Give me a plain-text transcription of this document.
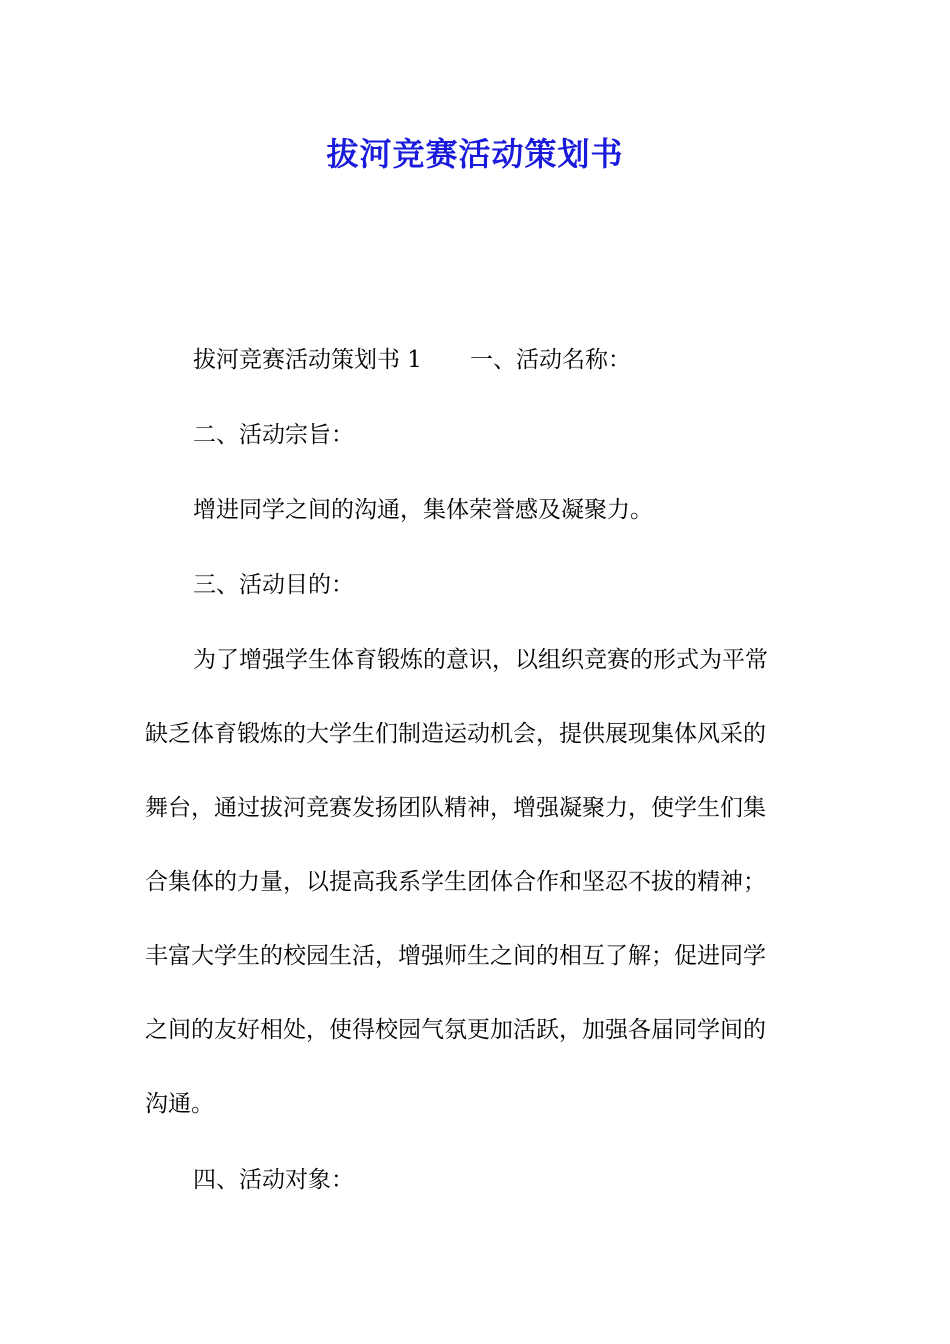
拔河竞赛活动策划书
拔河竞赛活动策划书 1 一、活动名称：
二、活动宗旨：
增进同学之间的沟通，集体荣誉感及凝聚力。
三、活动目的：
为了增强学生体育锻炼的意识，以组织竞赛的形式为平常
缺乏体育锻炼的大学生们制造运动机会，提供展现集体风采的
舞台，通过拔河竞赛发扬团队精神，增强凝聚力，使学生们集
合集体的力量，以提高我系学生团体合作和坚忍不拔的精神；
丰富大学生的校园生活，增强师生之间的相互了解；促进同学
之间的友好相处，使得校园气氛更加活跃，加强各届同学间的
沟通。
四、活动对象：
